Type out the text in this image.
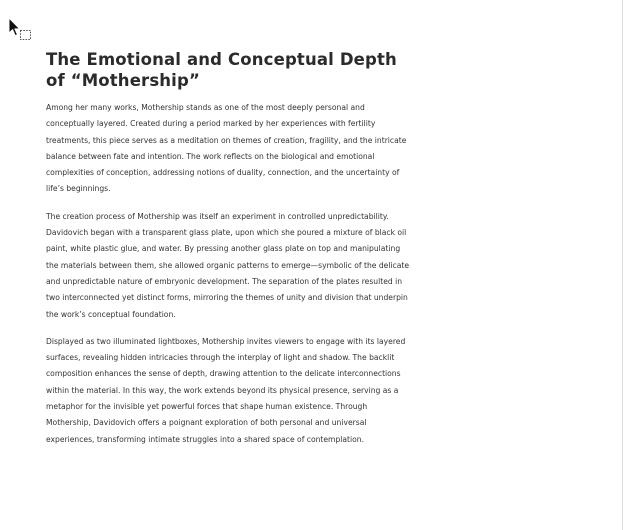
The Emotional and Conceptual Depth of “Mothership”

Among her many works, Mothership stands as one of the most deeply personal and conceptually layered. Created during a period marked by her experiences with fertility treatments, this piece serves as a meditation on themes of creation, fragility, and the intricate balance between fate and intention. The work reflects on the biological and emotional complexities of conception, addressing notions of duality, connection, and the uncertainty of life’s beginnings.

The creation process of Mothership was itself an experiment in controlled unpredictability. Davidovich began with a transparent glass plate, upon which she poured a mixture of black oil paint, white plastic glue, and water. By pressing another glass plate on top and manipulating the materials between them, she allowed organic patterns to emerge—symbolic of the delicate and unpredictable nature of embryonic development. The separation of the plates resulted in two interconnected yet distinct forms, mirroring the themes of unity and division that underpin the work’s conceptual foundation.

Displayed as two illuminated lightboxes, Mothership invites viewers to engage with its layered surfaces, revealing hidden intricacies through the interplay of light and shadow. The backlit composition enhances the sense of depth, drawing attention to the delicate interconnections within the material. In this way, the work extends beyond its physical presence, serving as a metaphor for the invisible yet powerful forces that shape human existence. Through Mothership, Davidovich offers a poignant exploration of both personal and universal experiences, transforming intimate struggles into a shared space of contemplation.
